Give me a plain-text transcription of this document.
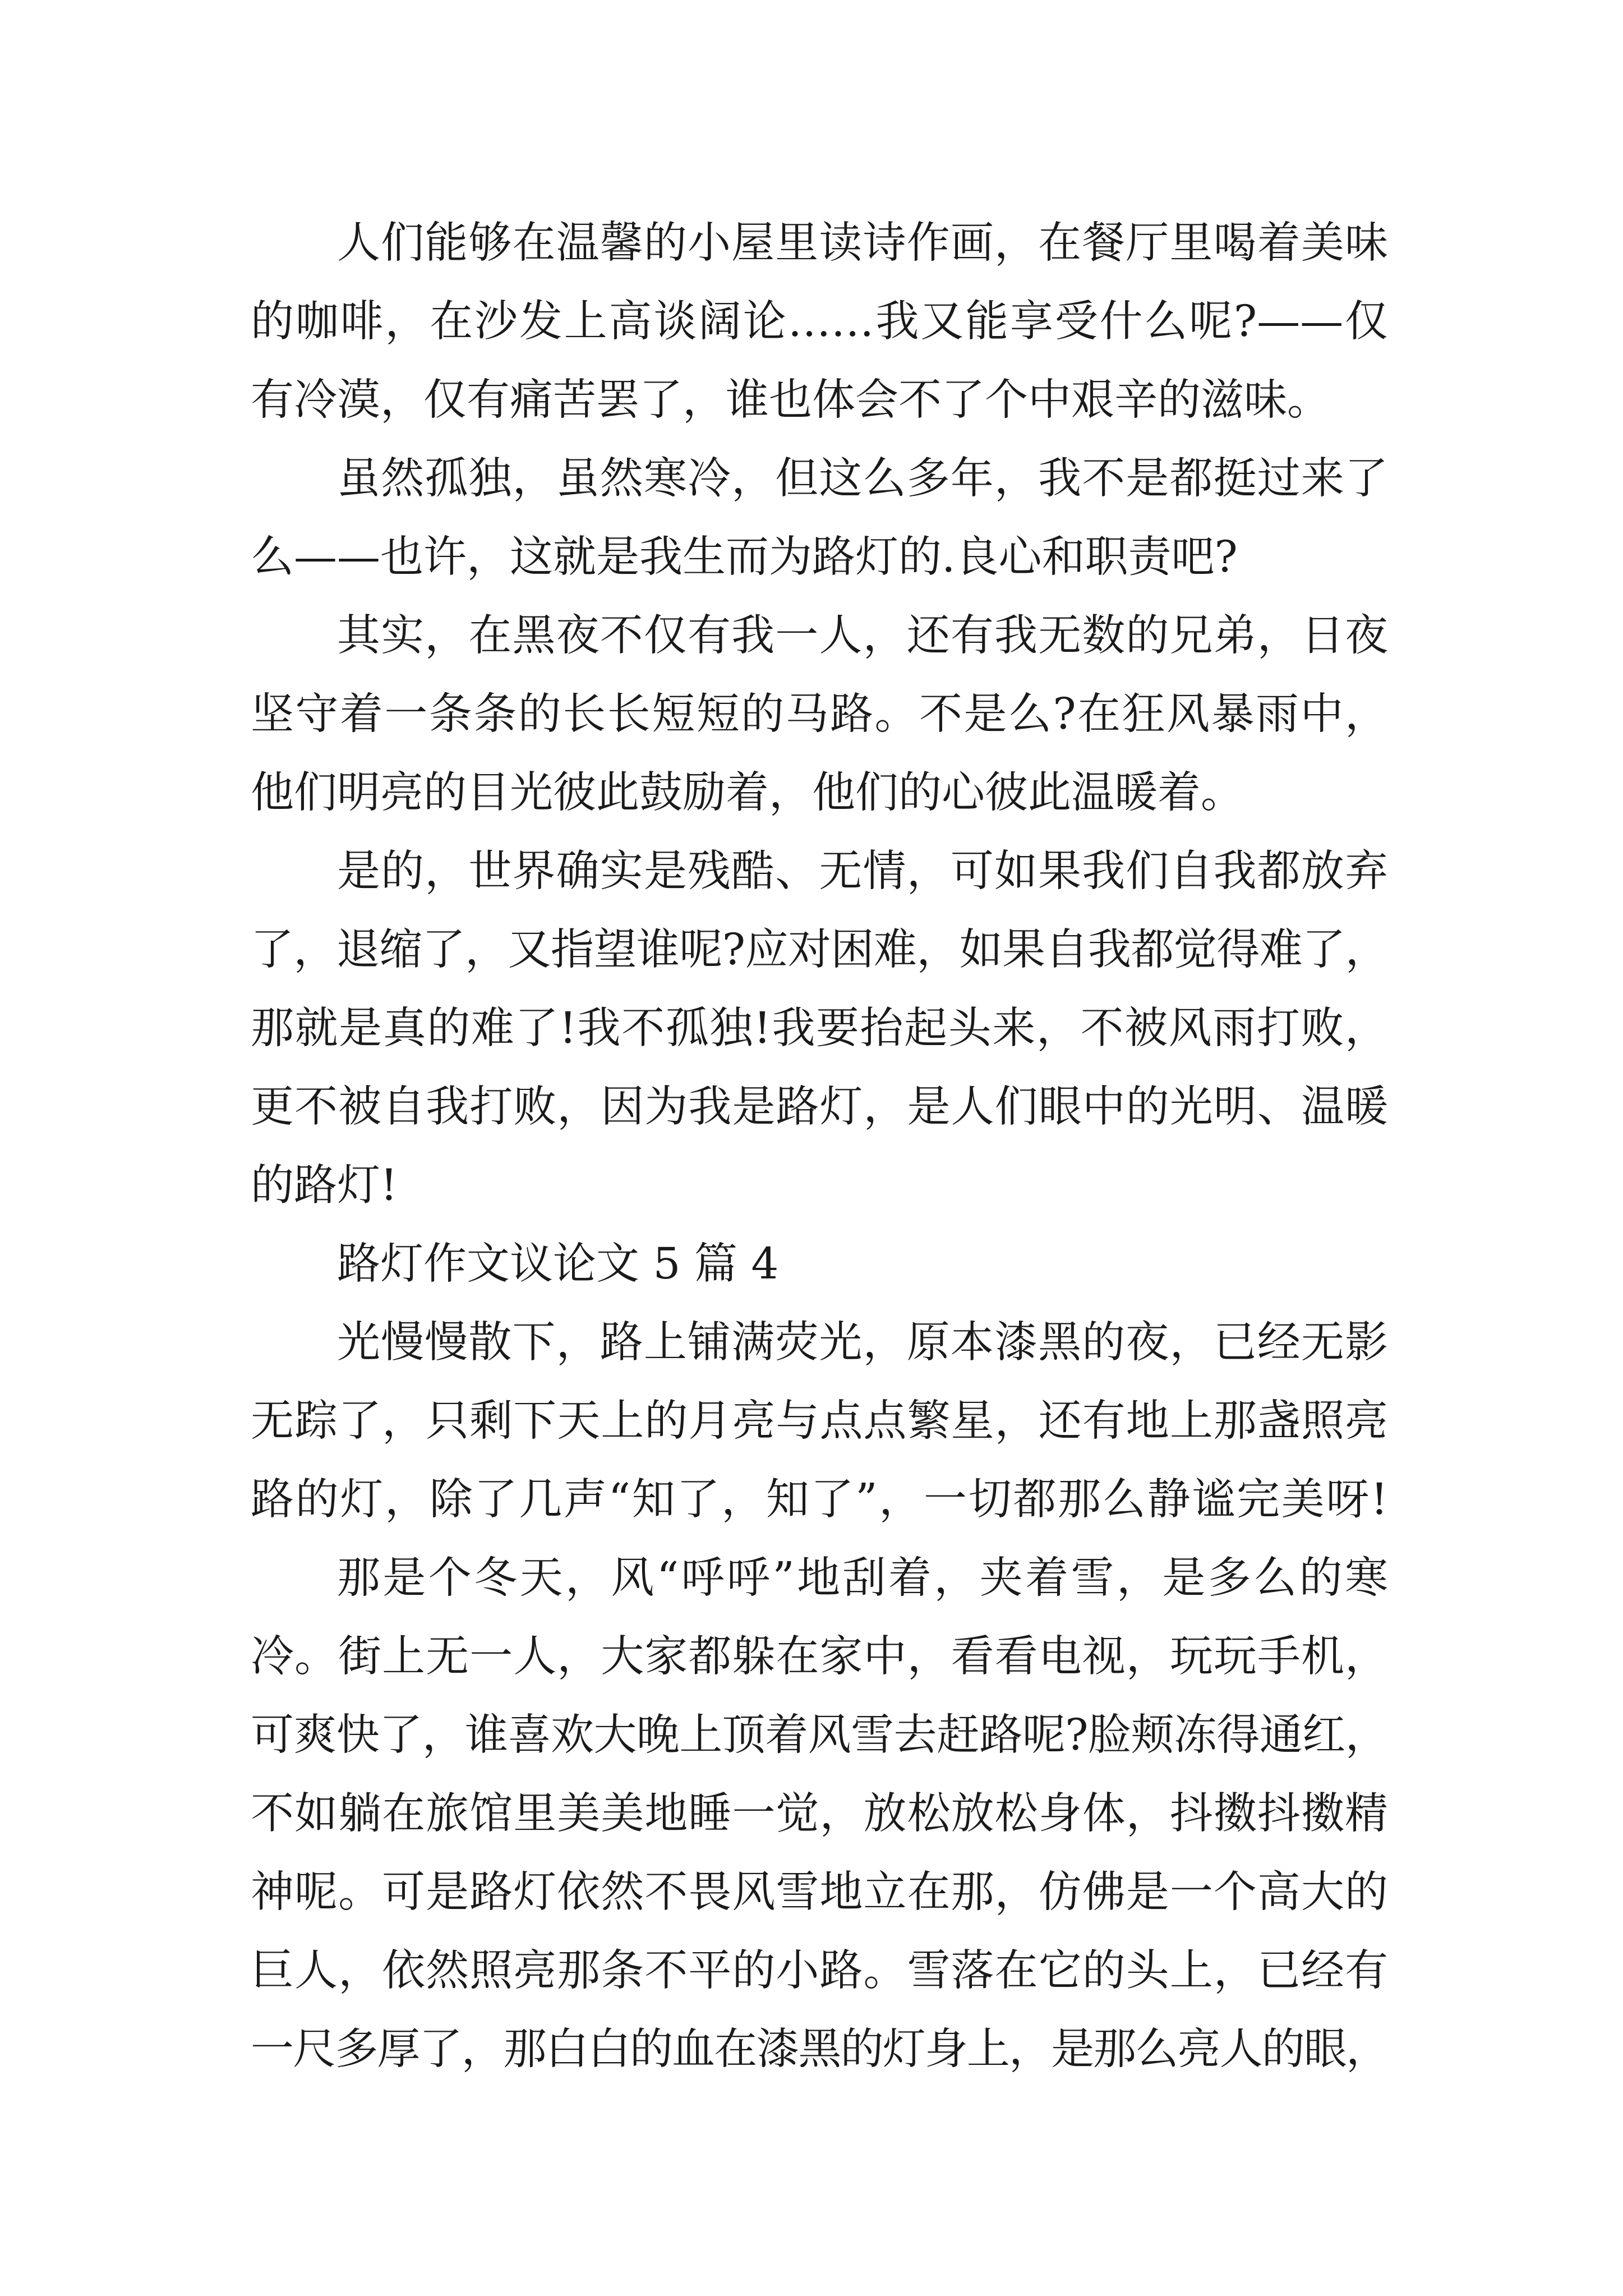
人们能够在温馨的小屋里读诗作画，在餐厅里喝着美味
的咖啡，在沙发上高谈阔论……我又能享受什么呢?——仅
有冷漠，仅有痛苦罢了，谁也体会不了个中艰辛的滋味。

虽然孤独，虽然寒冷，但这么多年，我不是都挺过来了
么——也许，这就是我生而为路灯的.良心和职责吧?

其实，在黑夜不仅有我一人，还有我无数的兄弟，日夜
坚守着一条条的长长短短的马路。不是么?在狂风暴雨中，
他们明亮的目光彼此鼓励着，他们的心彼此温暖着。

是的，世界确实是残酷、无情，可如果我们自我都放弃
了，退缩了，又指望谁呢?应对困难，如果自我都觉得难了，
那就是真的难了!我不孤独!我要抬起头来，不被风雨打败，
更不被自我打败，因为我是路灯，是人们眼中的光明、温暖
的路灯!

路灯作文议论文 5 篇 4

光慢慢散下，路上铺满荧光，原本漆黑的夜，已经无影
无踪了，只剩下天上的月亮与点点繁星，还有地上那盏照亮
路的灯，除了几声“知了，知了”，一切都那么静谧完美呀!

那是个冬天，风“呼呼”地刮着，夹着雪，是多么的寒
冷。街上无一人，大家都躲在家中，看看电视，玩玩手机，
可爽快了，谁喜欢大晚上顶着风雪去赶路呢?脸颊冻得通红，
不如躺在旅馆里美美地睡一觉，放松放松身体，抖擞抖擞精
神呢。可是路灯依然不畏风雪地立在那，仿佛是一个高大的
巨人，依然照亮那条不平的小路。雪落在它的头上，已经有
一尺多厚了，那白白的血在漆黑的灯身上，是那么亮人的眼，
